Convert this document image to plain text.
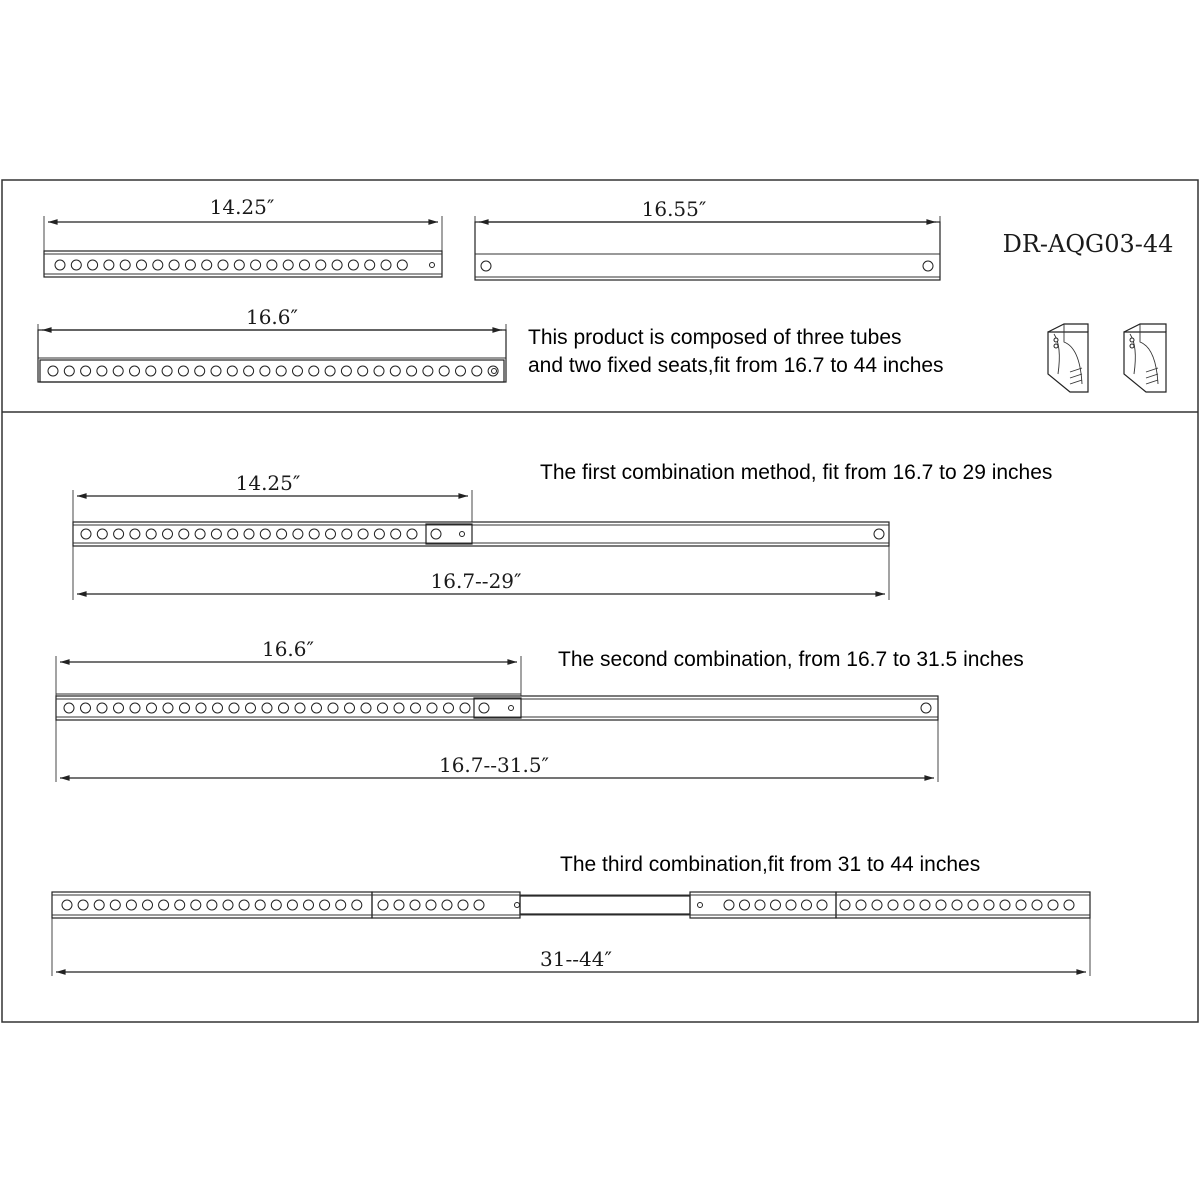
14.25″	16.55″
DR-AQG03-44
16.6″
This product is composed of three tubes
and two fixed seats,fit from 16.7 to 44 inches
The first combination method, fit from 16.7 to 29 inches
14.25″
16.7--29″
The second combination, from 16.7 to 31.5 inches
16.6″
16.7--31.5″
The third combination,fit from 31 to 44 inches
31--44″
